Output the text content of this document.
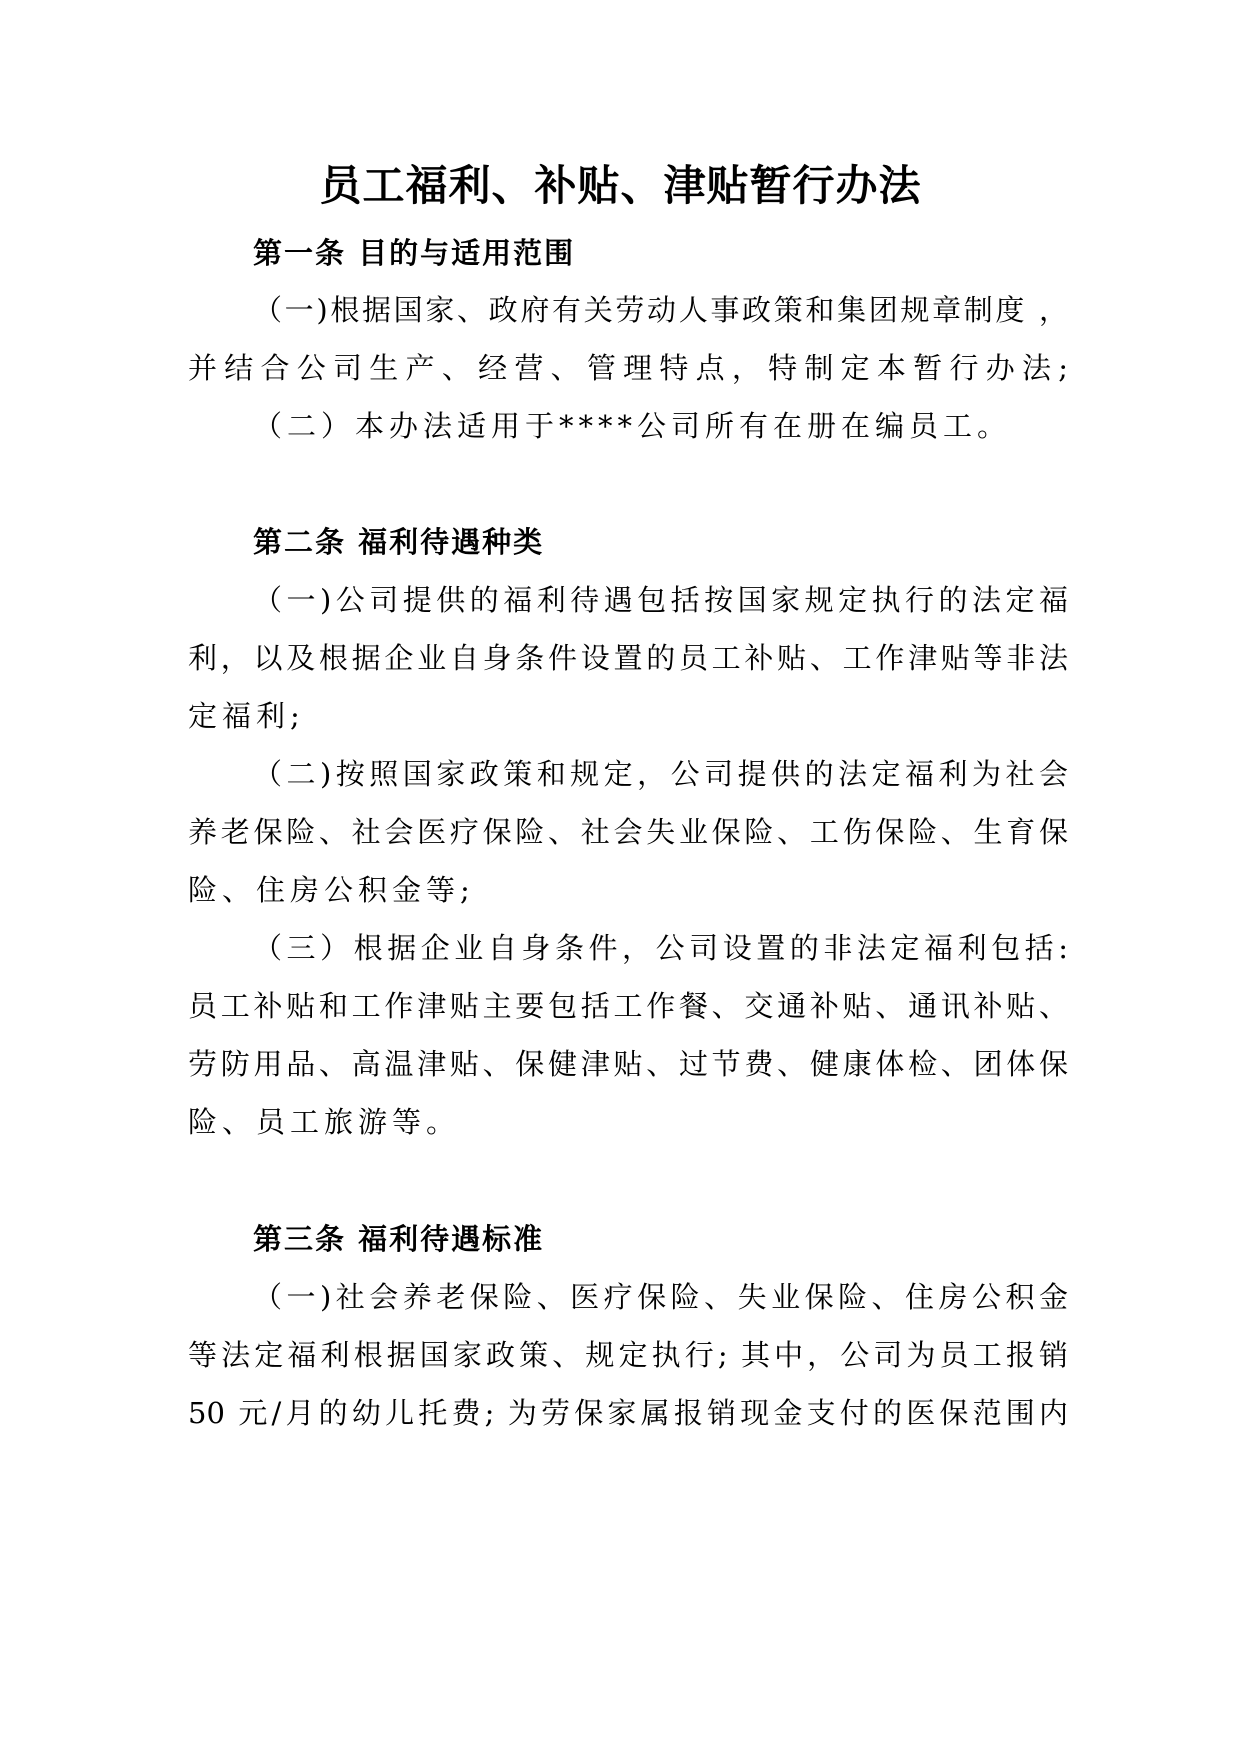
员工福利、补贴、津贴暂行办法
第一条 目的与适用范围
（一)根据国家、政府有关劳动人事政策和集团规章制度 ，
并结合公司生产、经营、管理特点，特制定本暂行办法;
（二）本办法适用于****公司所有在册在编员工。
第二条 福利待遇种类
（一)公司提供的福利待遇包括按国家规定执行的法定福
利，以及根据企业自身条件设置的员工补贴、工作津贴等非法
定福利;
（二)按照国家政策和规定，公司提供的法定福利为社会
养老保险、社会医疗保险、社会失业保险、工伤保险、生育保
险、住房公积金等;
（三）根据企业自身条件，公司设置的非法定福利包括:
员工补贴和工作津贴主要包括工作餐、交通补贴、通讯补贴、
劳防用品、高温津贴、保健津贴、过节费、健康体检、团体保
险、员工旅游等。
第三条 福利待遇标准
（一)社会养老保险、医疗保险、失业保险、住房公积金
等法定福利根据国家政策、规定执行; 其中，公司为员工报销
50 元/月的幼儿托费; 为劳保家属报销现金支付的医保范围内
